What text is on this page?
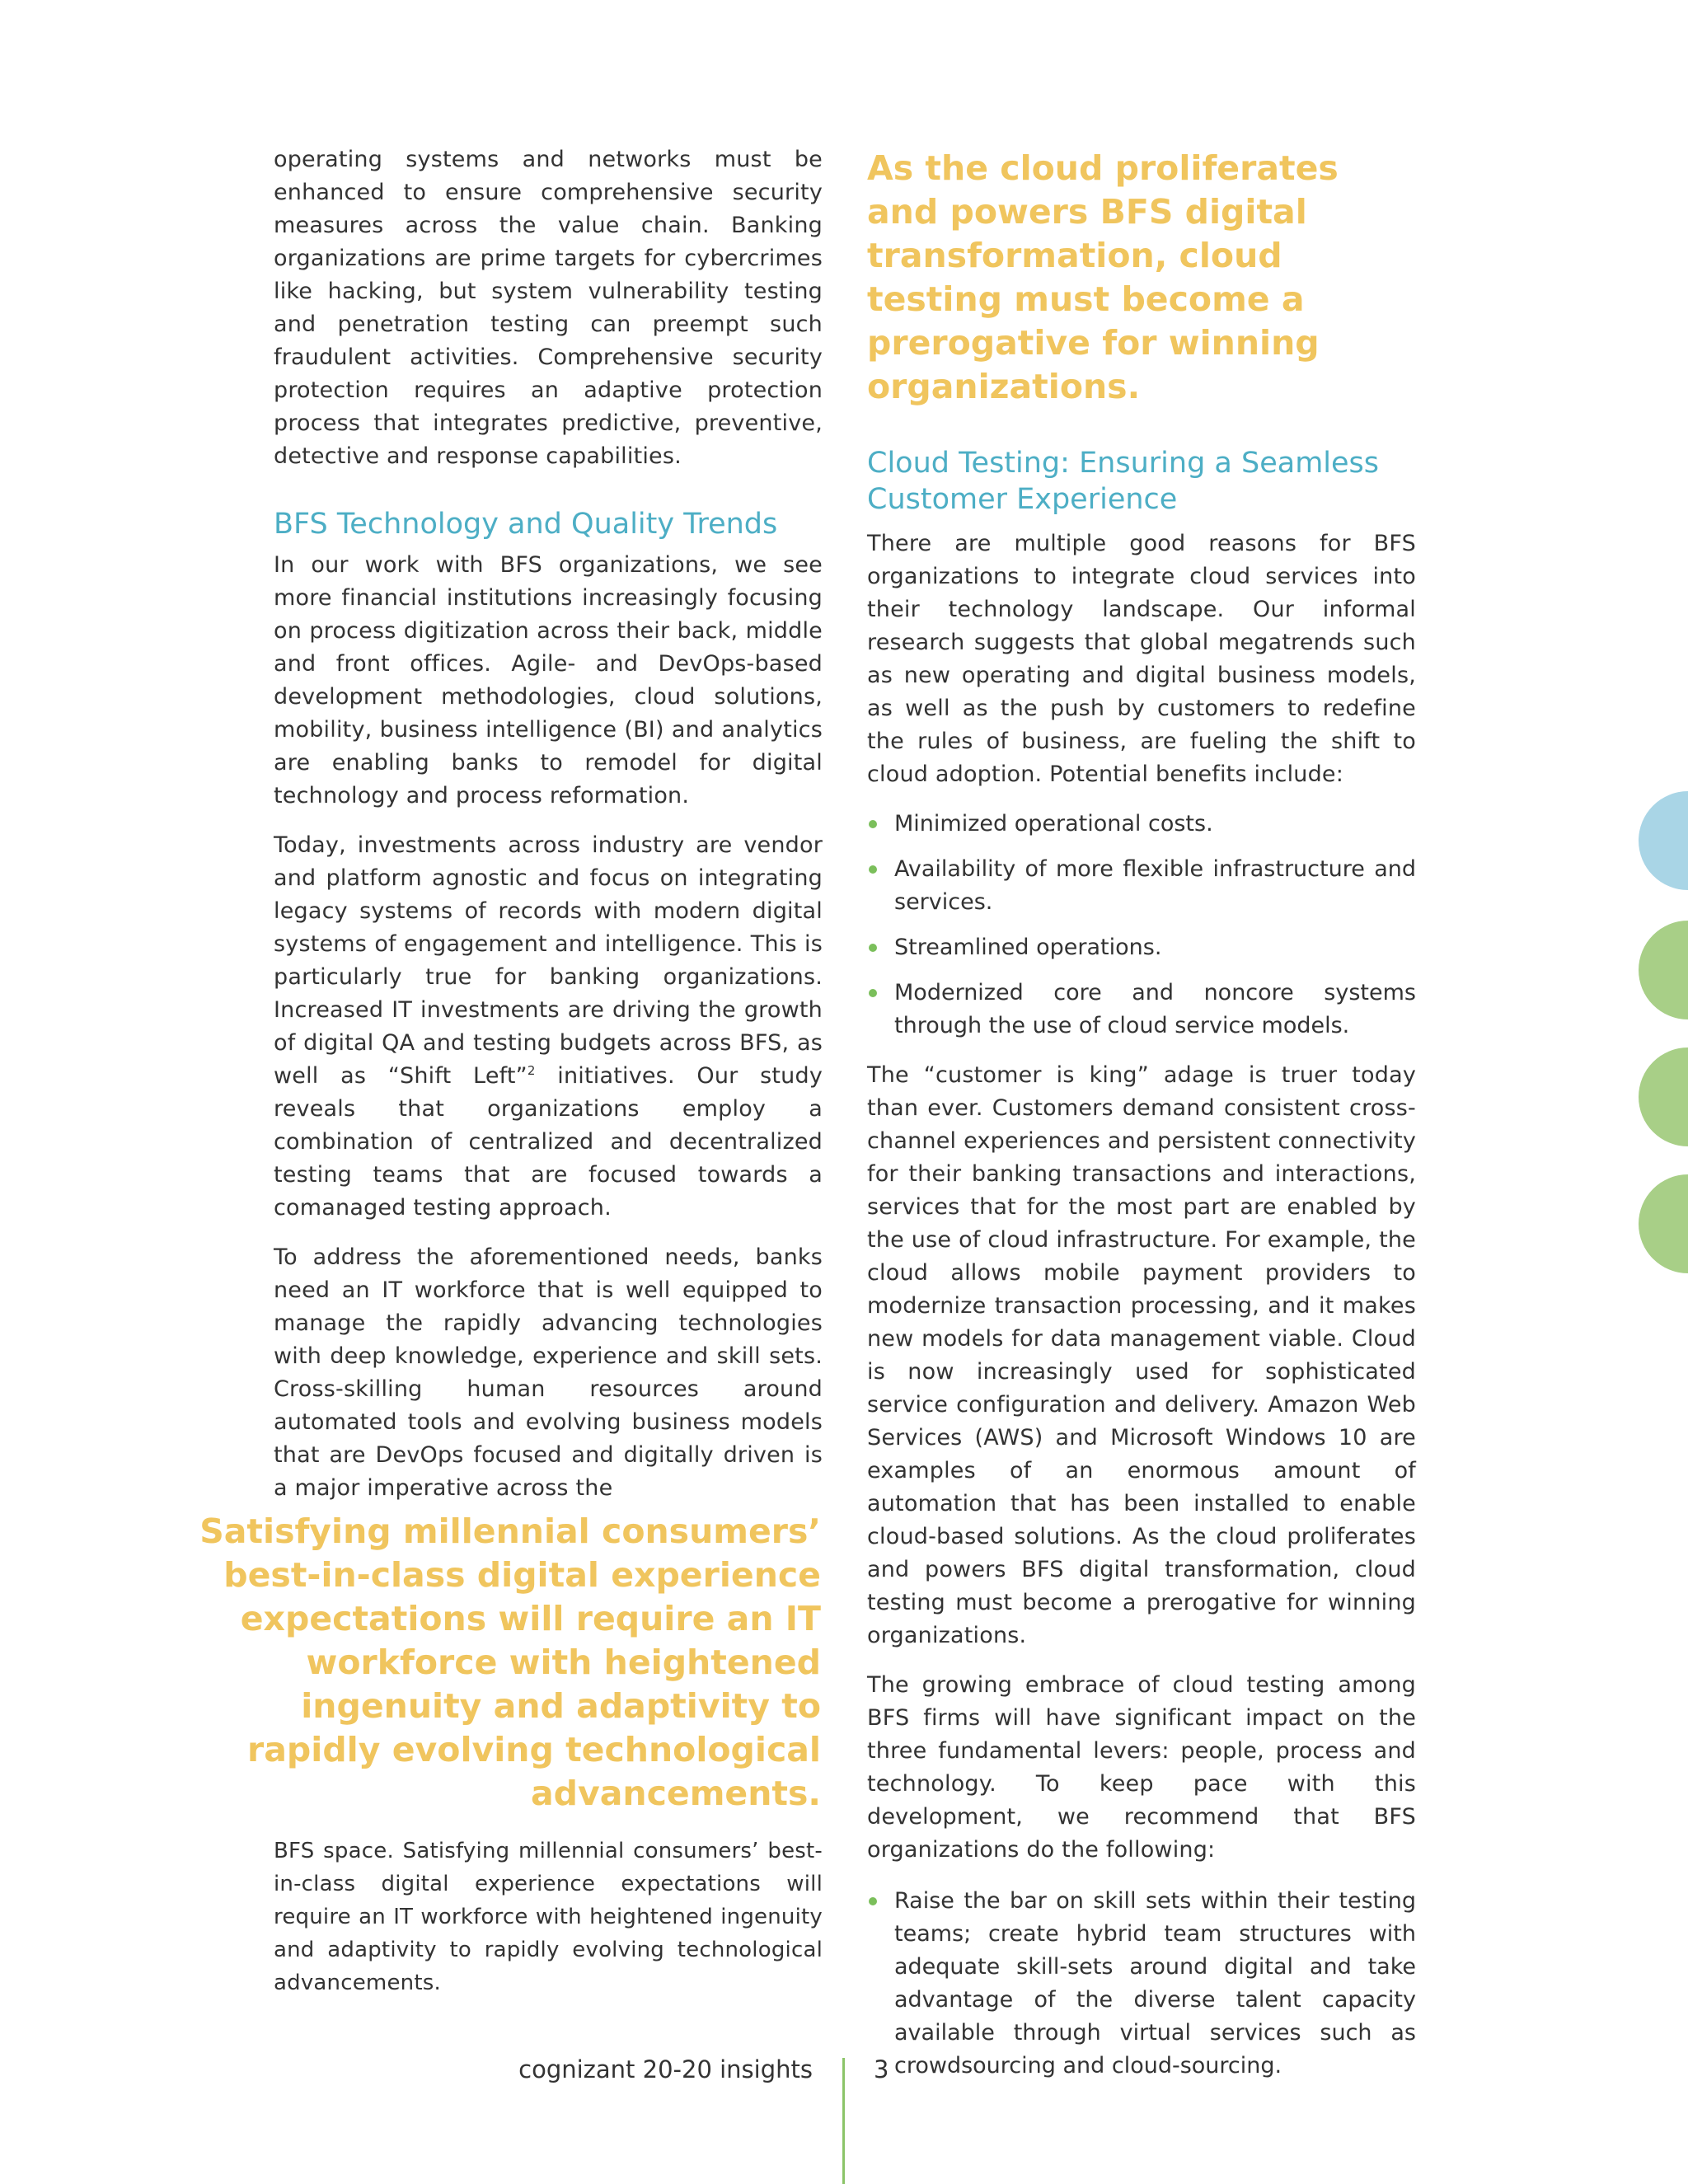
operating systems and networks must be enhanced to ensure comprehensive security measures across the value chain. Banking organizations are prime targets for cybercrimes like hacking, but system vulnerability testing and penetration testing can preempt such fraudulent activities. Comprehensive security protection requires an adaptive protection process that integrates predictive, preventive, detective and response capabilities.

BFS Technology and Quality Trends

In our work with BFS organizations, we see more financial institutions increasingly focusing on process digitization across their back, middle and front offices. Agile- and DevOps-based development methodologies, cloud solutions, mobility, business intelligence (BI) and analytics are enabling banks to remodel for digital technology and process reformation.

Today, investments across industry are vendor and platform agnostic and focus on integrating legacy systems of records with modern digital systems of engagement and intelligence. This is particularly true for banking organizations. Increased IT investments are driving the growth of digital QA and testing budgets across BFS, as well as “Shift Left”$^2$ initiatives. Our study reveals that organizations employ a combination of centralized and decentralized testing teams that are focused towards a comanaged testing approach.

To address the aforementioned needs, banks need an IT workforce that is well equipped to manage the rapidly advancing technologies with deep knowledge, experience and skill sets. Cross-skilling human resources around automated tools and evolving business models that are DevOps focused and digitally driven is a major imperative across the

Satisfying millennial consumers’ best-in-class digital experience expectations will require an IT workforce with heightened ingenuity and adaptivity to rapidly evolving technological advancements.

BFS space. Satisfying millennial consumers’ best-in-class digital experience expectations will require an IT workforce with heightened ingenuity and adaptivity to rapidly evolving technological advancements.

As the cloud proliferates and powers BFS digital transformation, cloud testing must become a prerogative for winning organizations.

Cloud Testing: Ensuring a Seamless Customer Experience

There are multiple good reasons for BFS organizations to integrate cloud services into their technology landscape. Our informal research suggests that global megatrends such as new operating and digital business models, as well as the push by customers to redefine the rules of business, are fueling the shift to cloud adoption. Potential benefits include:

Minimized operational costs.
Availability of more flexible infrastructure and services.
Streamlined operations.
Modernized core and noncore systems through the use of cloud service models.

The “customer is king” adage is truer today than ever. Customers demand consistent cross-channel experiences and persistent connectivity for their banking transactions and interactions, services that for the most part are enabled by the use of cloud infrastructure. For example, the cloud allows mobile payment providers to modernize transaction processing, and it makes new models for data management viable. Cloud is now increasingly used for sophisticated service configuration and delivery. Amazon Web Services (AWS) and Microsoft Windows 10 are examples of an enormous amount of automation that has been installed to enable cloud-based solutions. As the cloud proliferates and powers BFS digital transformation, cloud testing must become a prerogative for winning organizations.

The growing embrace of cloud testing among BFS firms will have significant impact on the three fundamental levers: people, process and technology. To keep pace with this development, we recommend that BFS organizations do the following:

Raise the bar on skill sets within their testing teams; create hybrid team structures with adequate skill-sets around digital and take advantage of the diverse talent capacity available through virtual services such as crowdsourcing and cloud-sourcing.
cognizant 20-20 insights	3
